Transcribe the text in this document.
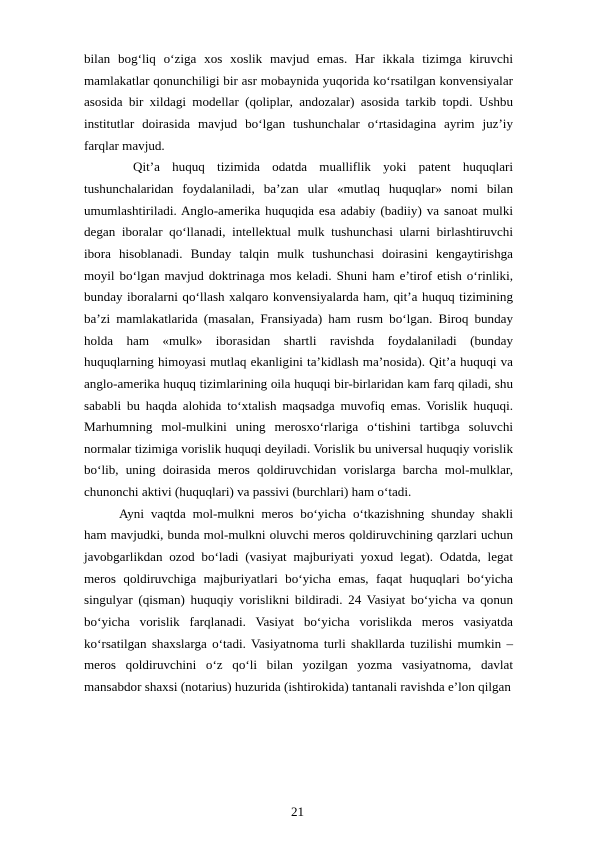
bilan bog‘liq o‘ziga xos xoslik mavjud emas. Har ikkala tizimga kiruvchi mamlakatlar qonunchiligi bir asr mobaynida yuqorida ko‘rsatilgan konvensiyalar asosida bir xildagi modellar (qoliplar, andozalar) asosida tarkib topdi. Ushbu institutlar doirasida mavjud bo‘lgan tushunchalar o‘rtasidagina ayrim juz’iy farqlar mavjud.

Qit’a huquq tizimida odatda mualliflik yoki patent huquqlari tushunchalaridan foydalaniladi, ba’zan ular «mutlaq huquqlar» nomi bilan umumlashtiriladi. Anglo-amerika huquqida esa adabiy (badiiy) va sanoat mulki degan iboralar qo‘llanadi, intellektual mulk tushunchasi ularni birlashtiruvchi ibora hisoblanadi. Bunday talqin mulk tushunchasi doirasini kengaytirishga moyil bo‘lgan mavjud doktrinaga mos keladi. Shuni ham e’tirof etish o‘rinliki, bunday iboralarni qo‘llash xalqaro konvensiyalarda ham, qit’a huquq tizimining ba’zi mamlakatlarida (masalan, Fransiyada) ham rusm bo‘lgan. Biroq bunday holda ham «mulk» iborasidan shartli ravishda foydalaniladi (bunday huquqlarning himoyasi mutlaq ekanligini ta’kidlash ma’nosida). Qit’a huquqi va anglo-amerika huquq tizimlarining oila huquqi bir-birlaridan kam farq qiladi, shu sababli bu haqda alohida to‘xtalish maqsadga muvofiq emas. Vorislik huquqi. Marhumning mol-mulkini uning merosxo‘rlariga o‘tishini tartibga soluvchi normalar tizimiga vorislik huquqi deyiladi. Vorislik bu universal huquqiy vorislik bo‘lib, uning doirasida meros qoldiruvchidan vorislarga barcha mol-mulklar, chunonchi aktivi (huquqlari) va passivi (burchlari) ham o‘tadi.

Ayni vaqtda mol-mulkni meros bo‘yicha o‘tkazishning shunday shakli ham mavjudki, bunda mol-mulkni oluvchi meros qoldiruvchining qarzlari uchun javobgarlikdan ozod bo‘ladi (vasiyat majburiyati yoxud legat). Odatda, legat meros qoldiruvchiga majburiyatlari bo‘yicha emas, faqat huquqlari bo‘yicha singulyar (qisman) huquqiy vorislikni bildiradi. 24 Vasiyat bo‘yicha va qonun bo‘yicha vorislik farqlanadi. Vasiyat bo‘yicha vorislikda meros vasiyatda ko‘rsatilgan shaxslarga o‘tadi. Vasiyatnoma turli shakllarda tuzilishi mumkin – meros qoldiruvchini o‘z qo‘li bilan yozilgan yozma vasiyatnoma, davlat mansabdor shaxsi (notarius) huzurida (ishtirokida) tantanali ravishda e’lon qilgan

21
